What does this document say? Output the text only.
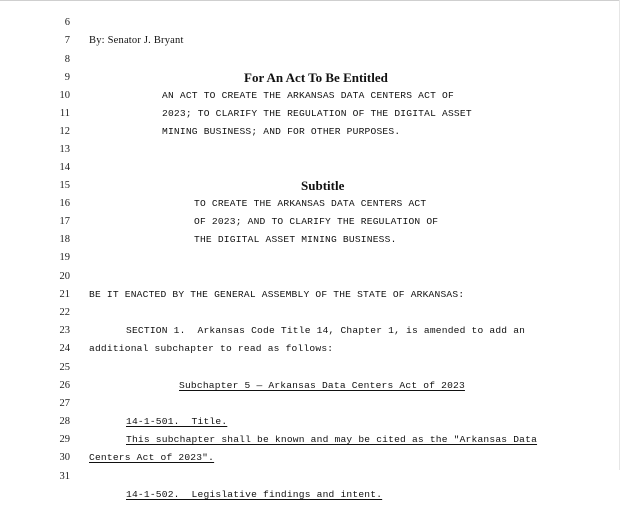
6

By: Senator J. Bryant

7

8

For An Act To Be Entitled

9

AN ACT TO CREATE THE ARKANSAS DATA CENTERS ACT OF

10

2023; TO CLARIFY THE REGULATION OF THE DIGITAL ASSET

11

MINING BUSINESS; AND FOR OTHER PURPOSES.

12

13

14

Subtitle

15

TO CREATE THE ARKANSAS DATA CENTERS ACT

16

OF 2023; AND TO CLARIFY THE REGULATION OF

17

THE DIGITAL ASSET MINING BUSINESS.

18

19

20

BE IT ENACTED BY THE GENERAL ASSEMBLY OF THE STATE OF ARKANSAS:

21

22

SECTION 1.  Arkansas Code Title 14, Chapter 1, is amended to add an

23

additional subchapter to read as follows:

24

25

Subchapter 5 — Arkansas Data Centers Act of 2023

26

27

14-1-501.  Title.

28

This subchapter shall be known and may be cited as the "Arkansas Data

29

Centers Act of 2023".

30

31

14-1-502.  Legislative findings and intent.
